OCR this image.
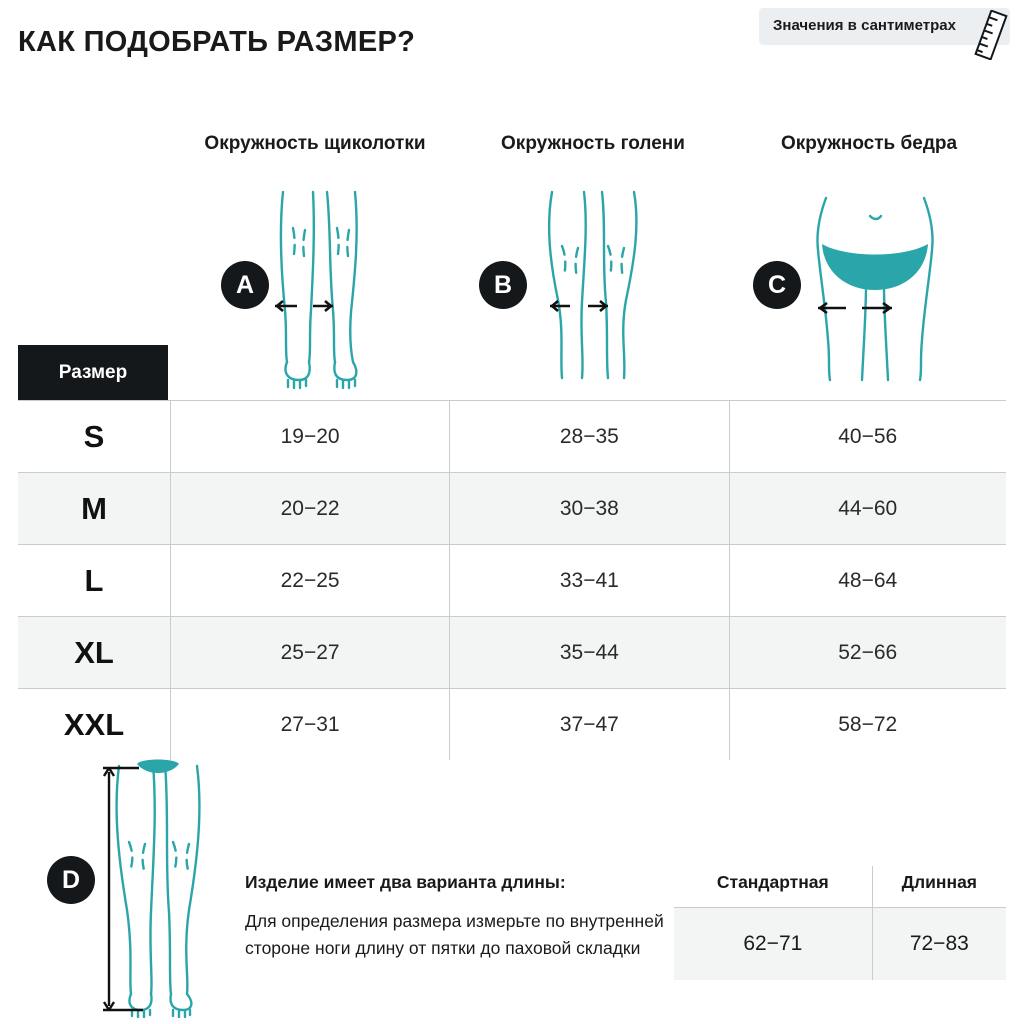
КАК ПОДОБРАТЬ РАЗМЕР?
Значения в сантиметрах
Окружность щиколотки	Окружность голени	Окружность бедра
A	B	C
Размер
S	19−20	28−35	40−56
M	20−22	30−38	44−60
L	22−25	33−41	48−64
XL	25−27	35−44	52−66
XXL	27−31	37−47	58−72
D	Изделие имеет два варианта длины:
Для определения размера измерьте по внутренней стороне ноги длину от пятки до паховой складки
Стандартная	Длинная
62−71	72−83
